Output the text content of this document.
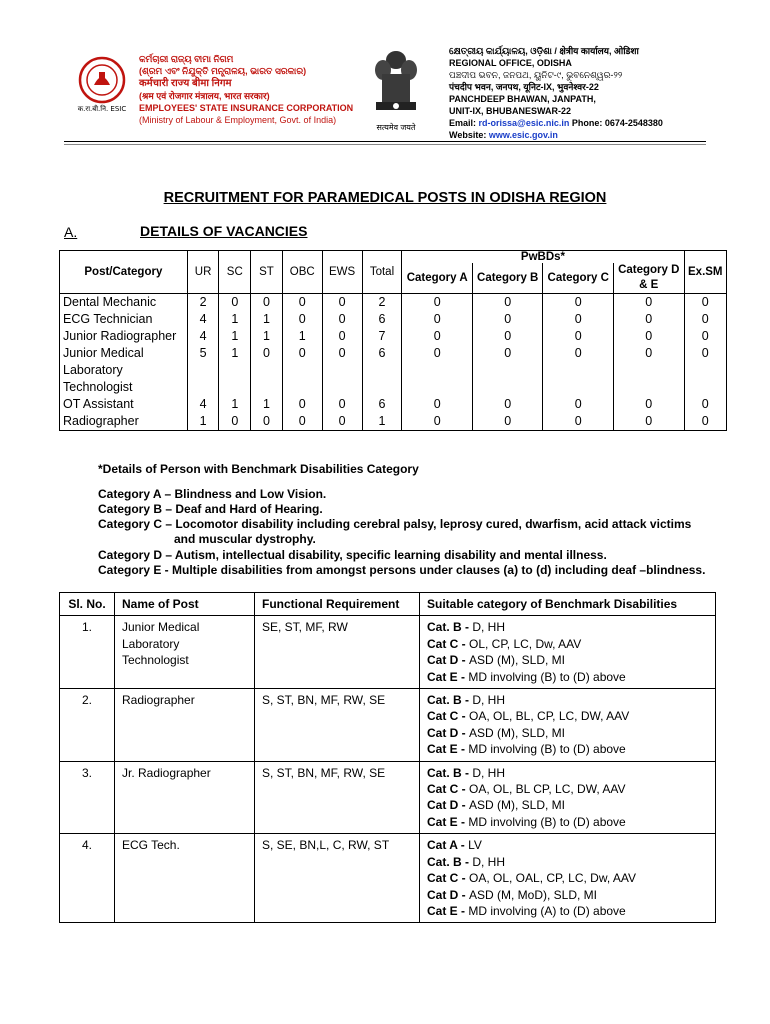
क.रा.बी.नि. ESIC
କର୍ମଚାରୀ ରାଜ୍ୟ ବୀମା ନିଗମ
(ଶ୍ରମ ଏବଂ ନିଯୁକ୍ତି ମନ୍ତ୍ରାଳୟ, ଭାରତ ସରକାର)
कर्मचारी राज्य बीमा निगम
(श्रम एवं रोजगार मंत्रालय, भारत सरकार)
EMPLOYEES' STATE INSURANCE CORPORATION
(Ministry of Labour & Employment, Govt. of India)
सत्यमेव जयते
କ୍ଷେତ୍ରୀୟ କାର୍ଯ୍ୟାଳୟ, ଓଡ଼ିଶା / क्षेत्रीय कार्यालय, ओडिशा
REGIONAL OFFICE, ODISHA
ପଞ୍ଚଦୀପ ଭବନ, ଜନପଥ, ୟୁନିଟ-୯, ଭୁବନେଶ୍ୱର-୨୨
पंचदीप भवन, जनपथ, यूनिट-IX, भुवनेश्वर-22
PANCHDEEP BHAWAN, JANPATH,
UNIT-IX, BHUBANESWAR-22
Email: rd-orissa@esic.nic.in Phone: 0674-2548380
Website: www.esic.gov.in
RECRUITMENT FOR PARAMEDICAL POSTS IN ODISHA REGION
A.	DETAILS OF VACANCIES
Post/Category	UR	SC	ST	OBC	EWS	Total	PwBDs*				Ex.SM
							Category A	Category B	Category C	Category D & E	
Dental Mechanic	2	0	0	0	0	2	0	0	0	0	0
ECG Technician	4	1	1	0	0	6	0	0	0	0	0
Junior Radiographer	4	1	1	1	0	7	0	0	0	0	0
Junior Medical Laboratory Technologist	5	1	0	0	0	6	0	0	0	0	0
OT Assistant	4	1	1	0	0	6	0	0	0	0	0
Radiographer	1	0	0	0	0	1	0	0	0	0	0
*Details of Person with Benchmark Disabilities Category
Category A – Blindness and Low Vision.
Category B – Deaf and Hard of Hearing.
Category C – Locomotor disability including cerebral palsy, leprosy cured, dwarfism, acid attack victims
and muscular dystrophy.
Category D – Autism, intellectual disability, specific learning disability and mental illness.
Category E - Multiple disabilities from amongst persons under clauses (a) to (d) including deaf –blindness.
Sl. No.	Name of Post	Functional Requirement	Suitable category of Benchmark Disabilities
1.	Junior Medical Laboratory Technologist	SE, ST, MF, RW	Cat. B - D, HH
Cat C - OL, CP, LC, Dw, AAV
Cat D - ASD (M), SLD, MI
Cat E - MD involving (B) to (D) above

2.	Radiographer	S, ST, BN, MF, RW, SE	Cat. B - D, HH
Cat C - OA, OL, BL, CP, LC, DW, AAV
Cat D - ASD (M), SLD, MI
Cat E - MD involving (B) to (D) above

3.	Jr. Radiographer	S, ST, BN, MF, RW, SE	Cat. B - D, HH
Cat C - OA, OL, BL CP, LC, DW, AAV
Cat D - ASD (M), SLD, MI
Cat E - MD involving (B) to (D) above

4.	ECG Tech.	S, SE, BN,L, C, RW, ST	Cat A - LV
Cat. B - D, HH
Cat C - OA, OL, OAL, CP, LC, Dw, AAV
Cat D - ASD (M, MoD), SLD, MI
Cat E - MD involving (A) to (D) above
